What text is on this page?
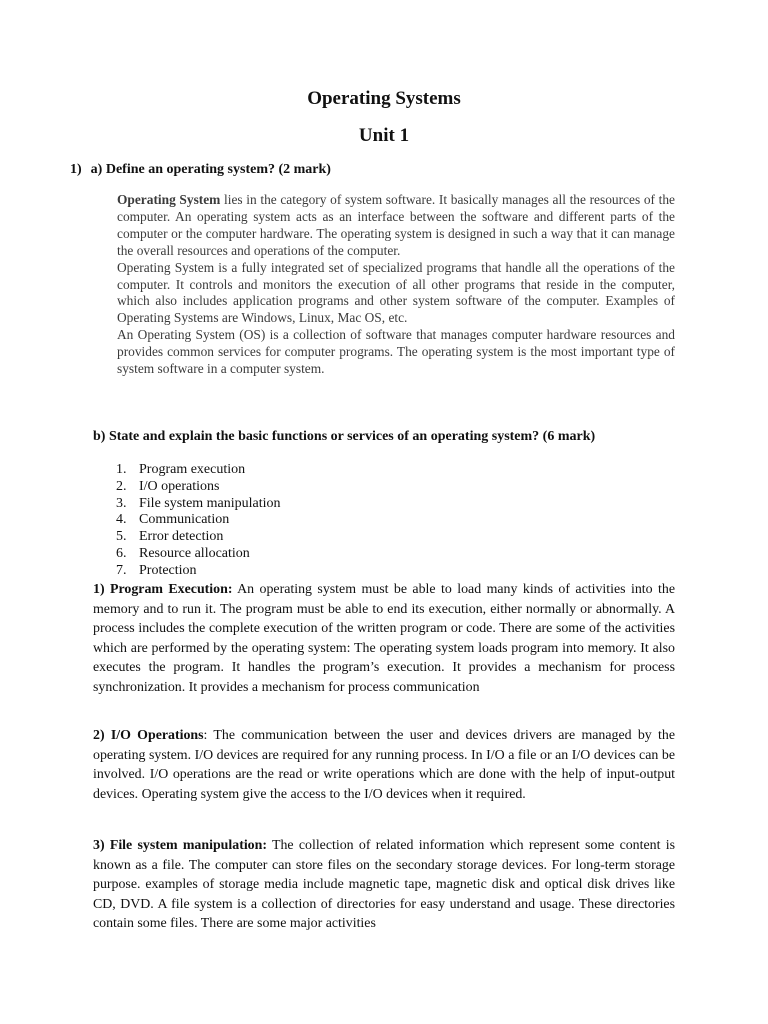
Operating Systems
Unit 1
1) a) Define an operating system? (2 mark)

Operating System lies in the category of system software. It basically manages all the resources of the computer. An operating system acts as an interface between the software and different parts of the computer or the computer hardware. The operating system is designed in such a way that it can manage the overall resources and operations of the computer.

Operating System is a fully integrated set of specialized programs that handle all the operations of the computer. It controls and monitors the execution of all other programs that reside in the computer, which also includes application programs and other system software of the computer. Examples of Operating Systems are Windows, Linux, Mac OS, etc.

An Operating System (OS) is a collection of software that manages computer hardware resources and provides common services for computer programs. The operating system is the most important type of system software in a computer system.

b) State and explain the basic functions or services of an operating system? (6 mark)
1. Program execution
2. I/O operations
3. File system manipulation
4. Communication
5. Error detection
6. Resource allocation
7. Protection

1) Program Execution: An operating system must be able to load many kinds of activities into the memory and to run it. The program must be able to end its execution, either normally or abnormally. A process includes the complete execution of the written program or code. There are some of the activities which are performed by the operating system: The operating system loads program into memory. It also executes the program. It handles the program’s execution. It provides a mechanism for process synchronization. It provides a mechanism for process communication

2) I/O Operations: The communication between the user and devices drivers are managed by the operating system. I/O devices are required for any running process. In I/O a file or an I/O devices can be involved. I/O operations are the read or write operations which are done with the help of input-output devices. Operating system give the access to the I/O devices when it required.

3) File system manipulation: The collection of related information which represent some content is known as a file. The computer can store files on the secondary storage devices. For long-term storage purpose. examples of storage media include magnetic tape, magnetic disk and optical disk drives like CD, DVD. A file system is a collection of directories for easy understand and usage. These directories contain some files. There are some major activities
